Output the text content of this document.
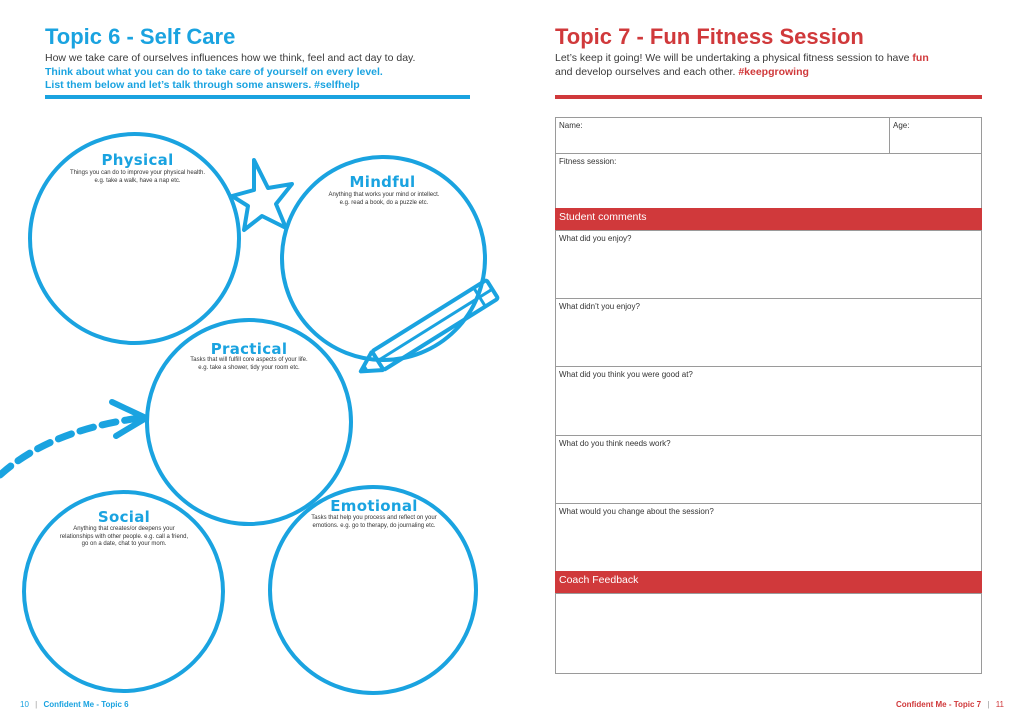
Topic 6 - Self Care
How we take care of ourselves influences how we think, feel and act day to day.
Think about what you can do to take care of yourself on every level.
List them below and let’s talk through some answers. #selfhelp
Physical
Things you can do to improve your physical health.
e.g. take a walk, have a nap etc.	Mindful
Anything that works your mind or intellect.
e.g. read a book, do a puzzle etc.
Practical
Tasks that will fulfill core aspects of your life.
e.g. take a shower, tidy your room etc.
Social
Anything that creates/or deepens your
relationships with other people. e.g. call a friend,
go on a date, chat to your mom.
Emotional
Tasks that help you process and reflect on your
emotions. e.g. go to therapy, do journaling etc.
10 | Confident Me - Topic 6
Topic 7 - Fun Fitness Session
Let’s keep it going! We will be undertaking a physical fitness session to have fun
and develop ourselves and each other. #keepgrowing
Name:	Age:
Fitness session:
Student comments
What did you enjoy?
What didn’t you enjoy?
What did you think you were good at?
What do you think needs work?
What would you change about the session?
Coach Feedback
Confident Me - Topic 7 | 11
